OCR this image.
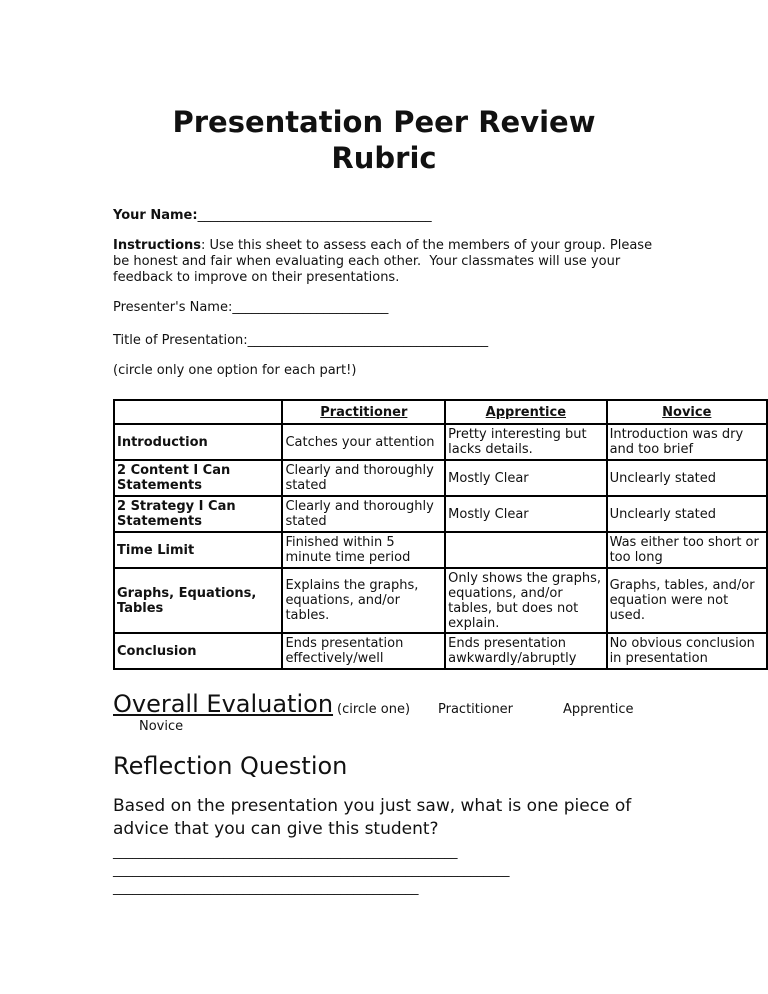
Presentation Peer Review
Rubric
Your Name:____________________________________
Instructions: Use this sheet to assess each of the members of your group. Please
be honest and fair when evaluating each other.  Your classmates will use your
feedback to improve on their presentations.
Presenter's Name:________________________
Title of Presentation:_____________________________________
(circle only one option for each part!)
	Practitioner	Apprentice	Novice
Introduction	Catches your attention	Pretty interesting but lacks details.	Introduction was dry and too brief
2 Content I Can Statements	Clearly and thoroughly stated	Mostly Clear	Unclearly stated
2 Strategy I Can Statements	Clearly and thoroughly stated	Mostly Clear	Unclearly stated
Time Limit	Finished within 5 minute time period		Was either too short or too long
Graphs, Equations, Tables	Explains the graphs, equations, and/or tables.	Only shows the graphs, equations, and/or tables, but does not explain.	Graphs, tables, and/or equation were not used.
Conclusion	Ends presentation effectively/well	Ends presentation awkwardly/abruptly	No obvious conclusion in presentation
Overall Evaluation (circle one) Practitioner	Apprentice
Novice
Reflection Question
Based on the presentation you just saw, what is one piece of
advice that you can give this student?
_____________________________________________________
_____________________________________________________________
_______________________________________________
